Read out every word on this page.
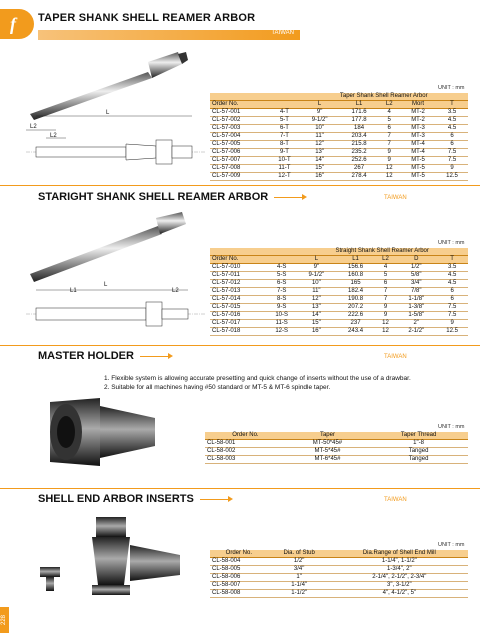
f	TAPER SHANK SHELL REAMER ARBOR
TAIWAN
L
L2
L2
UNIT : mm
		Taper Shank Shell Reamer Arbor				
Order No.		L	L1	L2	Mort	T
CL-57-001	4-T	9"	171.6	4	MT-2	3.5
CL-57-002	5-T	9-1/2"	177.8	5	MT-2	4.5
CL-57-003	6-T	10"	184	6	MT-3	4.5
CL-57-004	7-T	11"	203.4	7	MT-3	6
CL-57-005	8-T	12"	215.8	7	MT-4	6
CL-57-006	9-T	13"	235.2	9	MT-4	7.5
CL-57-007	10-T	14"	252.6	9	MT-5	7.5
CL-57-008	11-T	15"	267	12	MT-5	9
CL-57-009	12-T	16"	278.4	12	MT-5	12.5
STARIGHT SHANK SHELL REAMER ARBOR	TAIWAN
L
L1	L2
UNIT : mm
		Straight Shank Shell Reamer Arbor				
Order No.		L	L1	L2	D	T
CL-57-010	4-S	9"	156.6	4	1/2"	3.5
CL-57-011	5-S	9-1/2"	160.8	5	5/8"	4.5
CL-57-012	6-S	10"	165	6	3/4"	4.5
CL-57-013	7-S	11"	182.4	7	7/8"	6
CL-57-014	8-S	12"	190.8	7	1-1/8"	6
CL-57-015	9-S	13"	207.2	9	1-3/8"	7.5
CL-57-016	10-S	14"	222.6	9	1-5/8"	7.5
CL-57-017	11-S	15"	237	12	2"	9
CL-57-018	12-S	16"	243.4	12	2-1/2"	12.5
MASTER HOLDER	TAIWAN
1. Flexible system is allowing accurate presetting and quick change of inserts without the use of a drawbar.
2. Suitable for all machines having #50 standard or MT-5 & MT-6 spindle taper.
UNIT : mm
Order No.	Taper	Taper Thread
CL-58-001	MT-50*45#	1"-8
CL-58-002	MT-5*45#	Tanged
CL-58-003	MT-6*45#	Tanged
SHELL END ARBOR INSERTS	TAIWAN
UNIT : mm
Order No.	Dia. of Stub	Dia.Range of Shell End Mill
CL-58-004	1/2"	1-1/4", 1-1/2"
CL-58-005	3/4"	1-3/4", 2"
CL-58-006	1"	2-1/4", 2-1/2", 2-3/4"
CL-58-007	1-1/4"	3", 3-1/2"
CL-58-008	1-1/2"	4", 4-1/2", 5"
228
